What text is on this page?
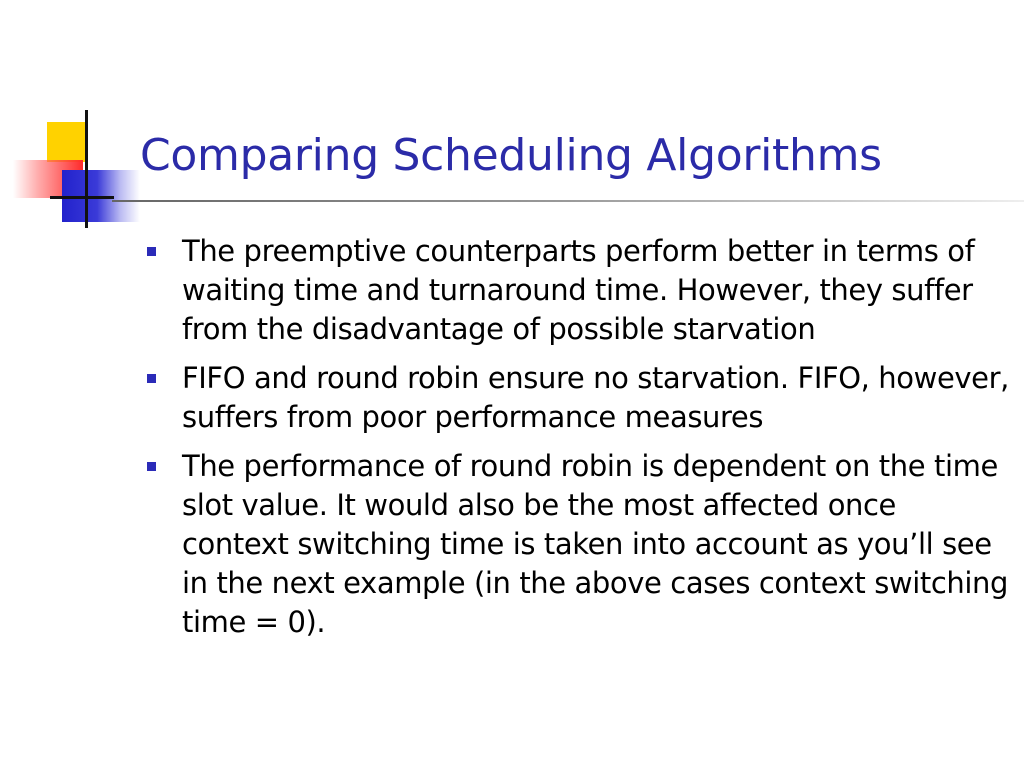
Comparing Scheduling Algorithms
The preemptive counterparts perform better in terms of waiting time and turnaround time. However, they suffer from the disadvantage of possible starvation
FIFO and round robin ensure no starvation. FIFO, however, suffers from poor performance measures
The performance of round robin is dependent on the time slot value. It would also be the most affected once context switching time is taken into account as you’ll see in the next example (in the above cases context switching time = 0).
